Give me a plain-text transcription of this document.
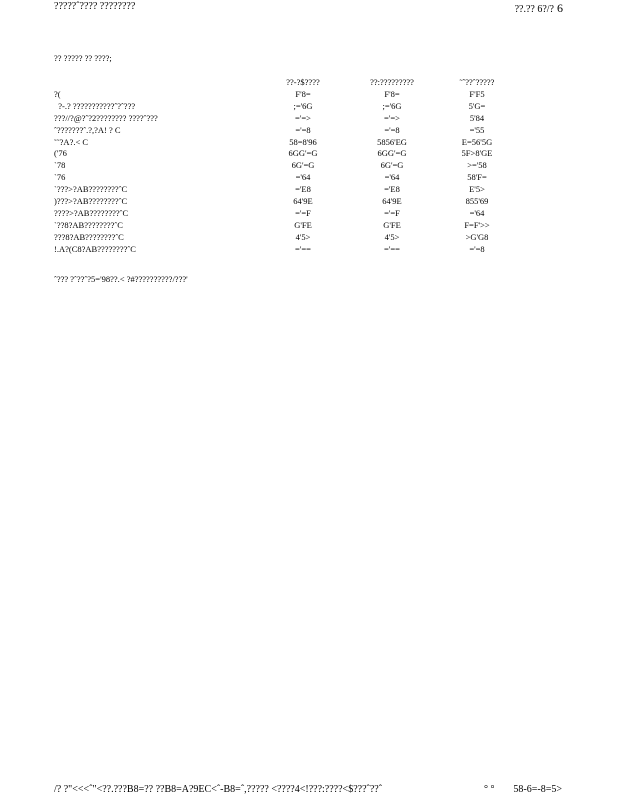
?????ˆ???? ????????	??.?? 6?/? 6
?? ????? ?? ????;
	??-?$????	??:?????????	˜ˆ??ˆ?????
?(	F'8=	F'8=	F'F5
?-.? ???????????ˆ?ˆ???	;='6G	;='6G	5'G=
???//?@?ˆ?2???????? ????ˆ???	='=>	='=>	5'84
ˆ???????ˆ.?,?A! ? C	='=8	='=8	='55
˜˜?A?.< C	58=8'96	5856'EG	E=56'5G
('76	6GG'=G	6GG'=G	5F>8'GE
`78	6G'=G	6G'=G	>='58
`76	='64	='64	58'F=
`???>?AB????????ˆC	='E8	='E8	E'5>
)???>?AB????????ˆC	64'9E	64'9E	855'69
????>?AB????????ˆC	='=F	='=F	='64
`??8?AB????????ˆC	G'FE	G'FE	F=F'>>
???8?AB????????ˆC	4'5>	4'5>	>G'G8
!.A?(C8?AB????????ˆC	='==	='==	='=8
ˆ??? ?ˆ??ˆ?5='98??.< ?#??????????/???'
/? ?"<<<ˆ"<??.???B8=?? ??B8=A?9EC<ˆ-B8=ˆ,????? <????4<!???:????<$???ˆ??ˆ	° ° 58-6=-8=5>
